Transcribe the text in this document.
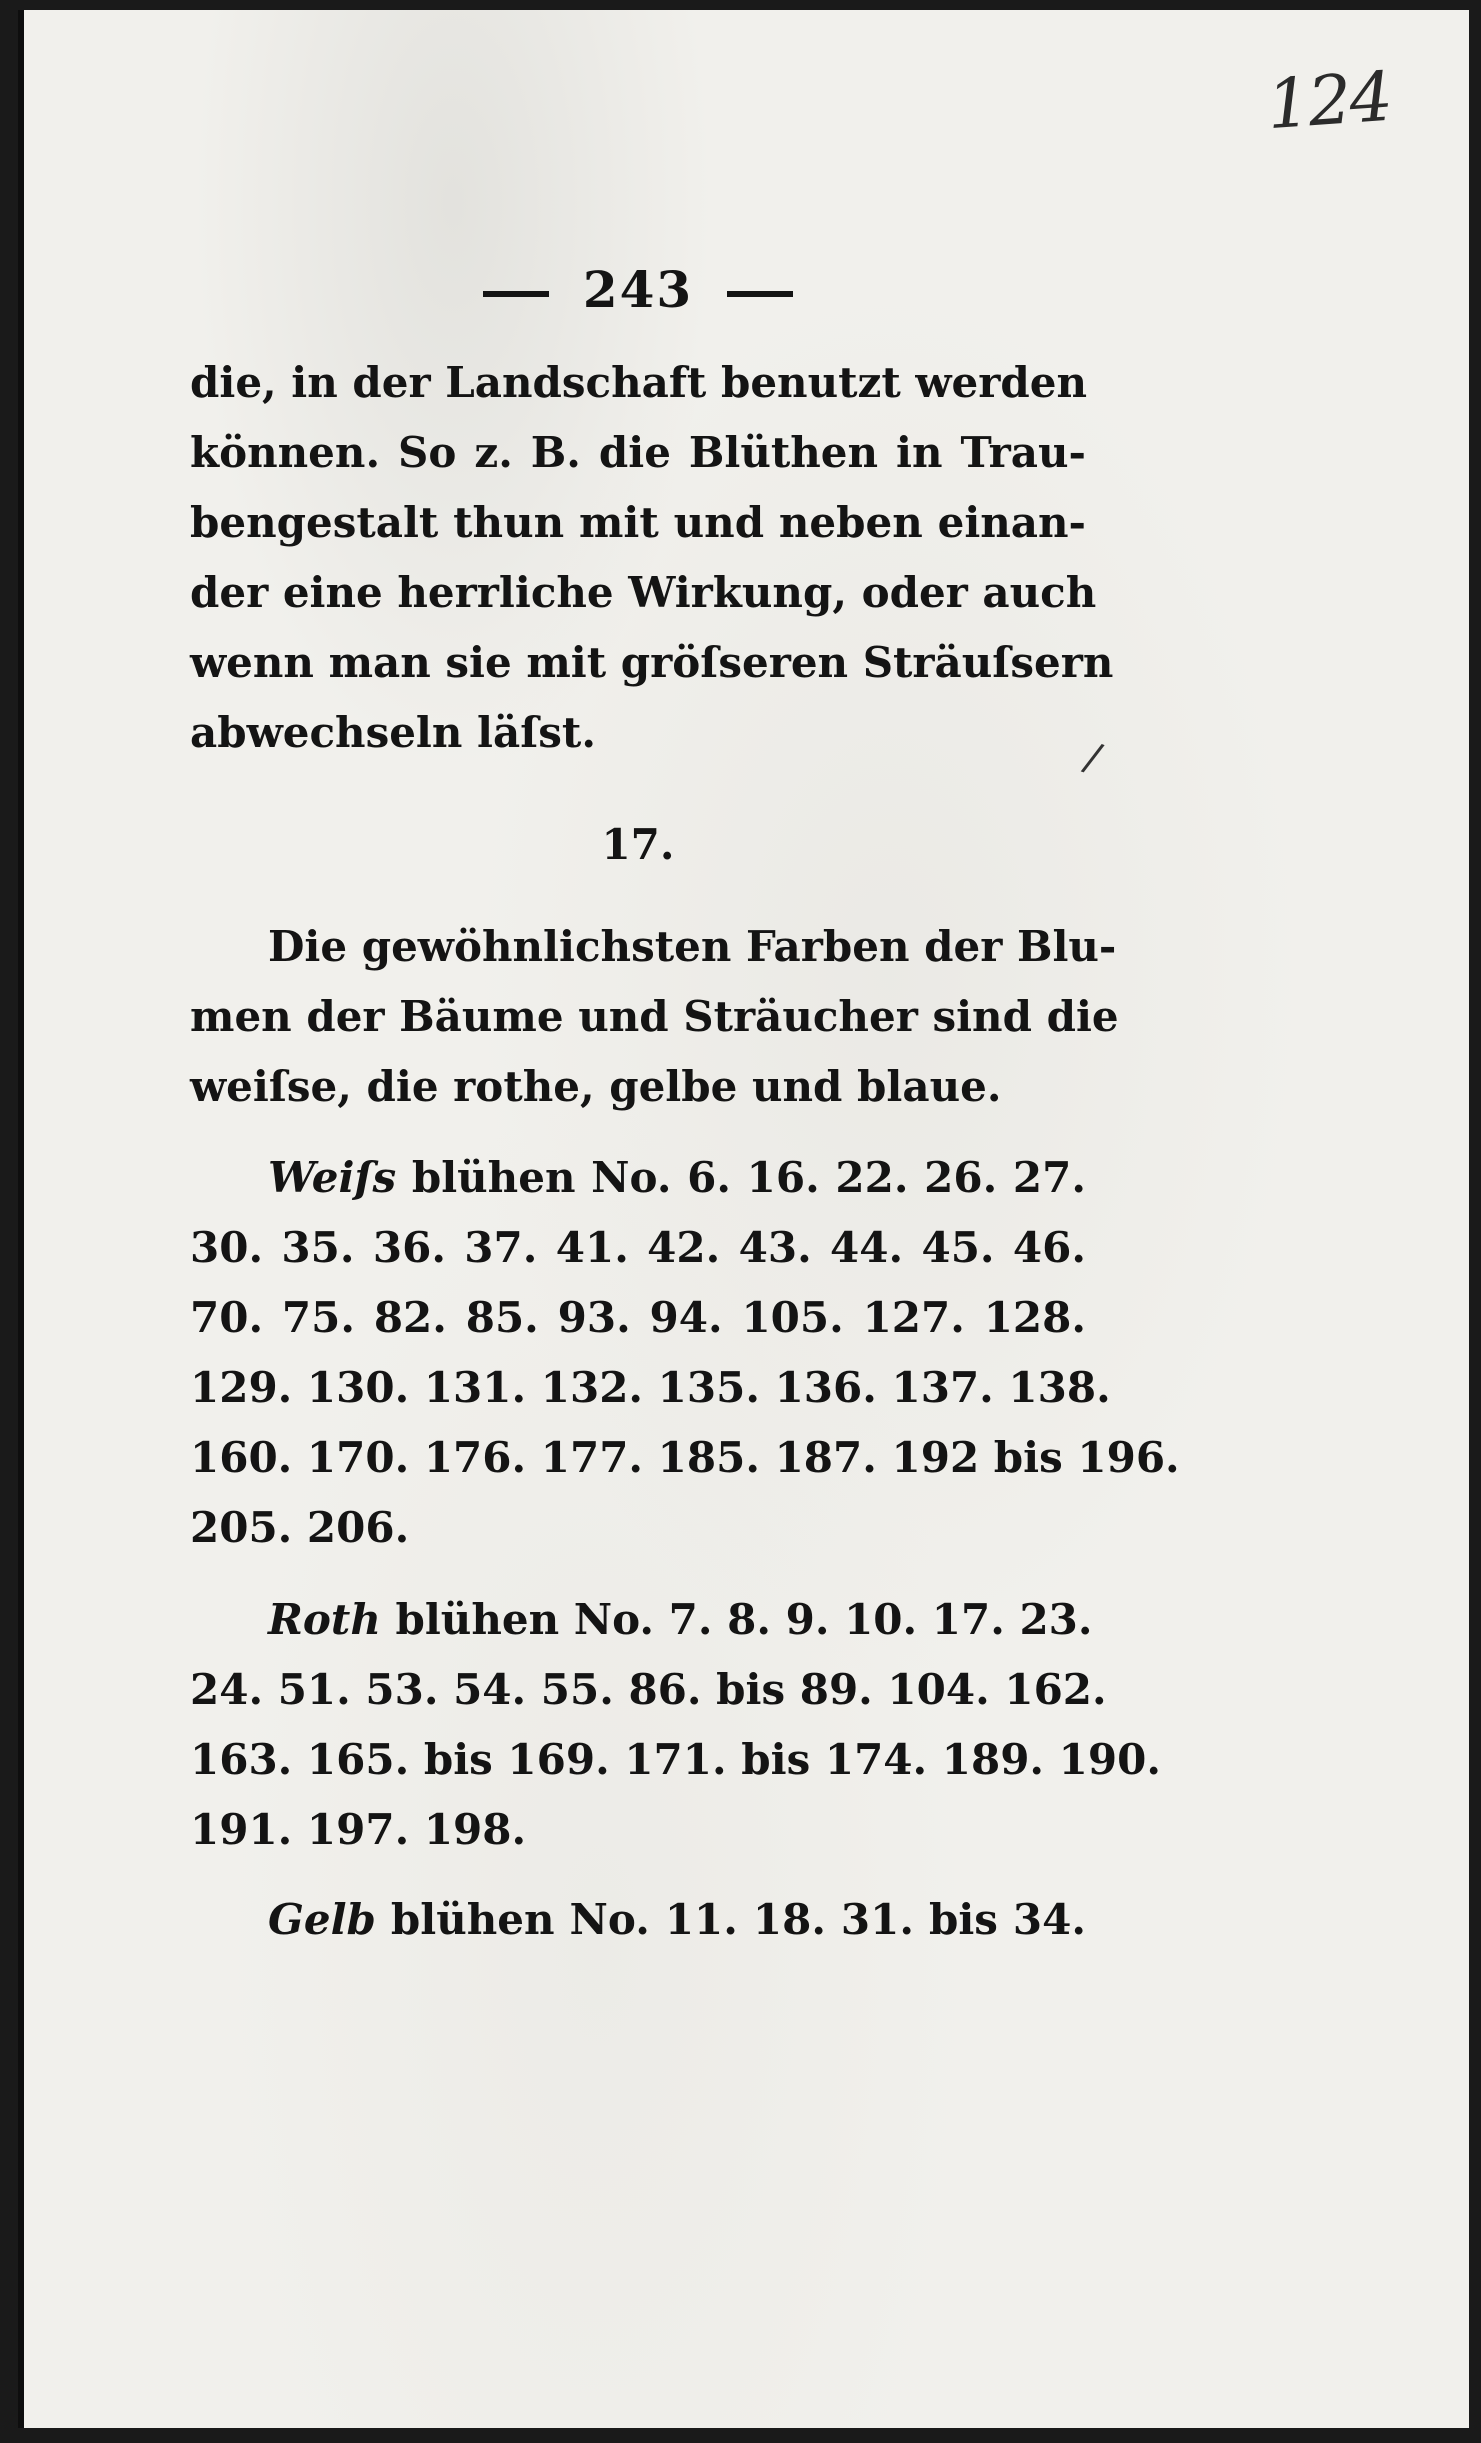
124
243
die, in der Landschaft benutzt werden
können. So z. B. die Blüthen in Trau-
bengestalt thun mit und neben einan-
der eine herrliche Wirkung, oder auch
wenn man sie mit gröſseren Sträuſsern
abwechseln läſst.
/
17.
Die gewöhnlichsten Farben der Blu-
men der Bäume und Sträucher sind die
weiſse, die rothe, gelbe und blaue.
Weiſs blühen No. 6. 16. 22. 26. 27.
30. 35. 36. 37. 41. 42. 43. 44. 45. 46.
70. 75. 82. 85. 93. 94. 105. 127. 128.
129. 130. 131. 132. 135. 136. 137. 138.
160. 170. 176. 177. 185. 187. 192 bis 196.
205. 206.
Roth blühen No. 7. 8. 9. 10. 17. 23.
24. 51. 53. 54. 55. 86. bis 89. 104. 162.
163. 165. bis 169. 171. bis 174. 189. 190.
191. 197. 198.
Gelb blühen No. 11. 18. 31. bis 34.
